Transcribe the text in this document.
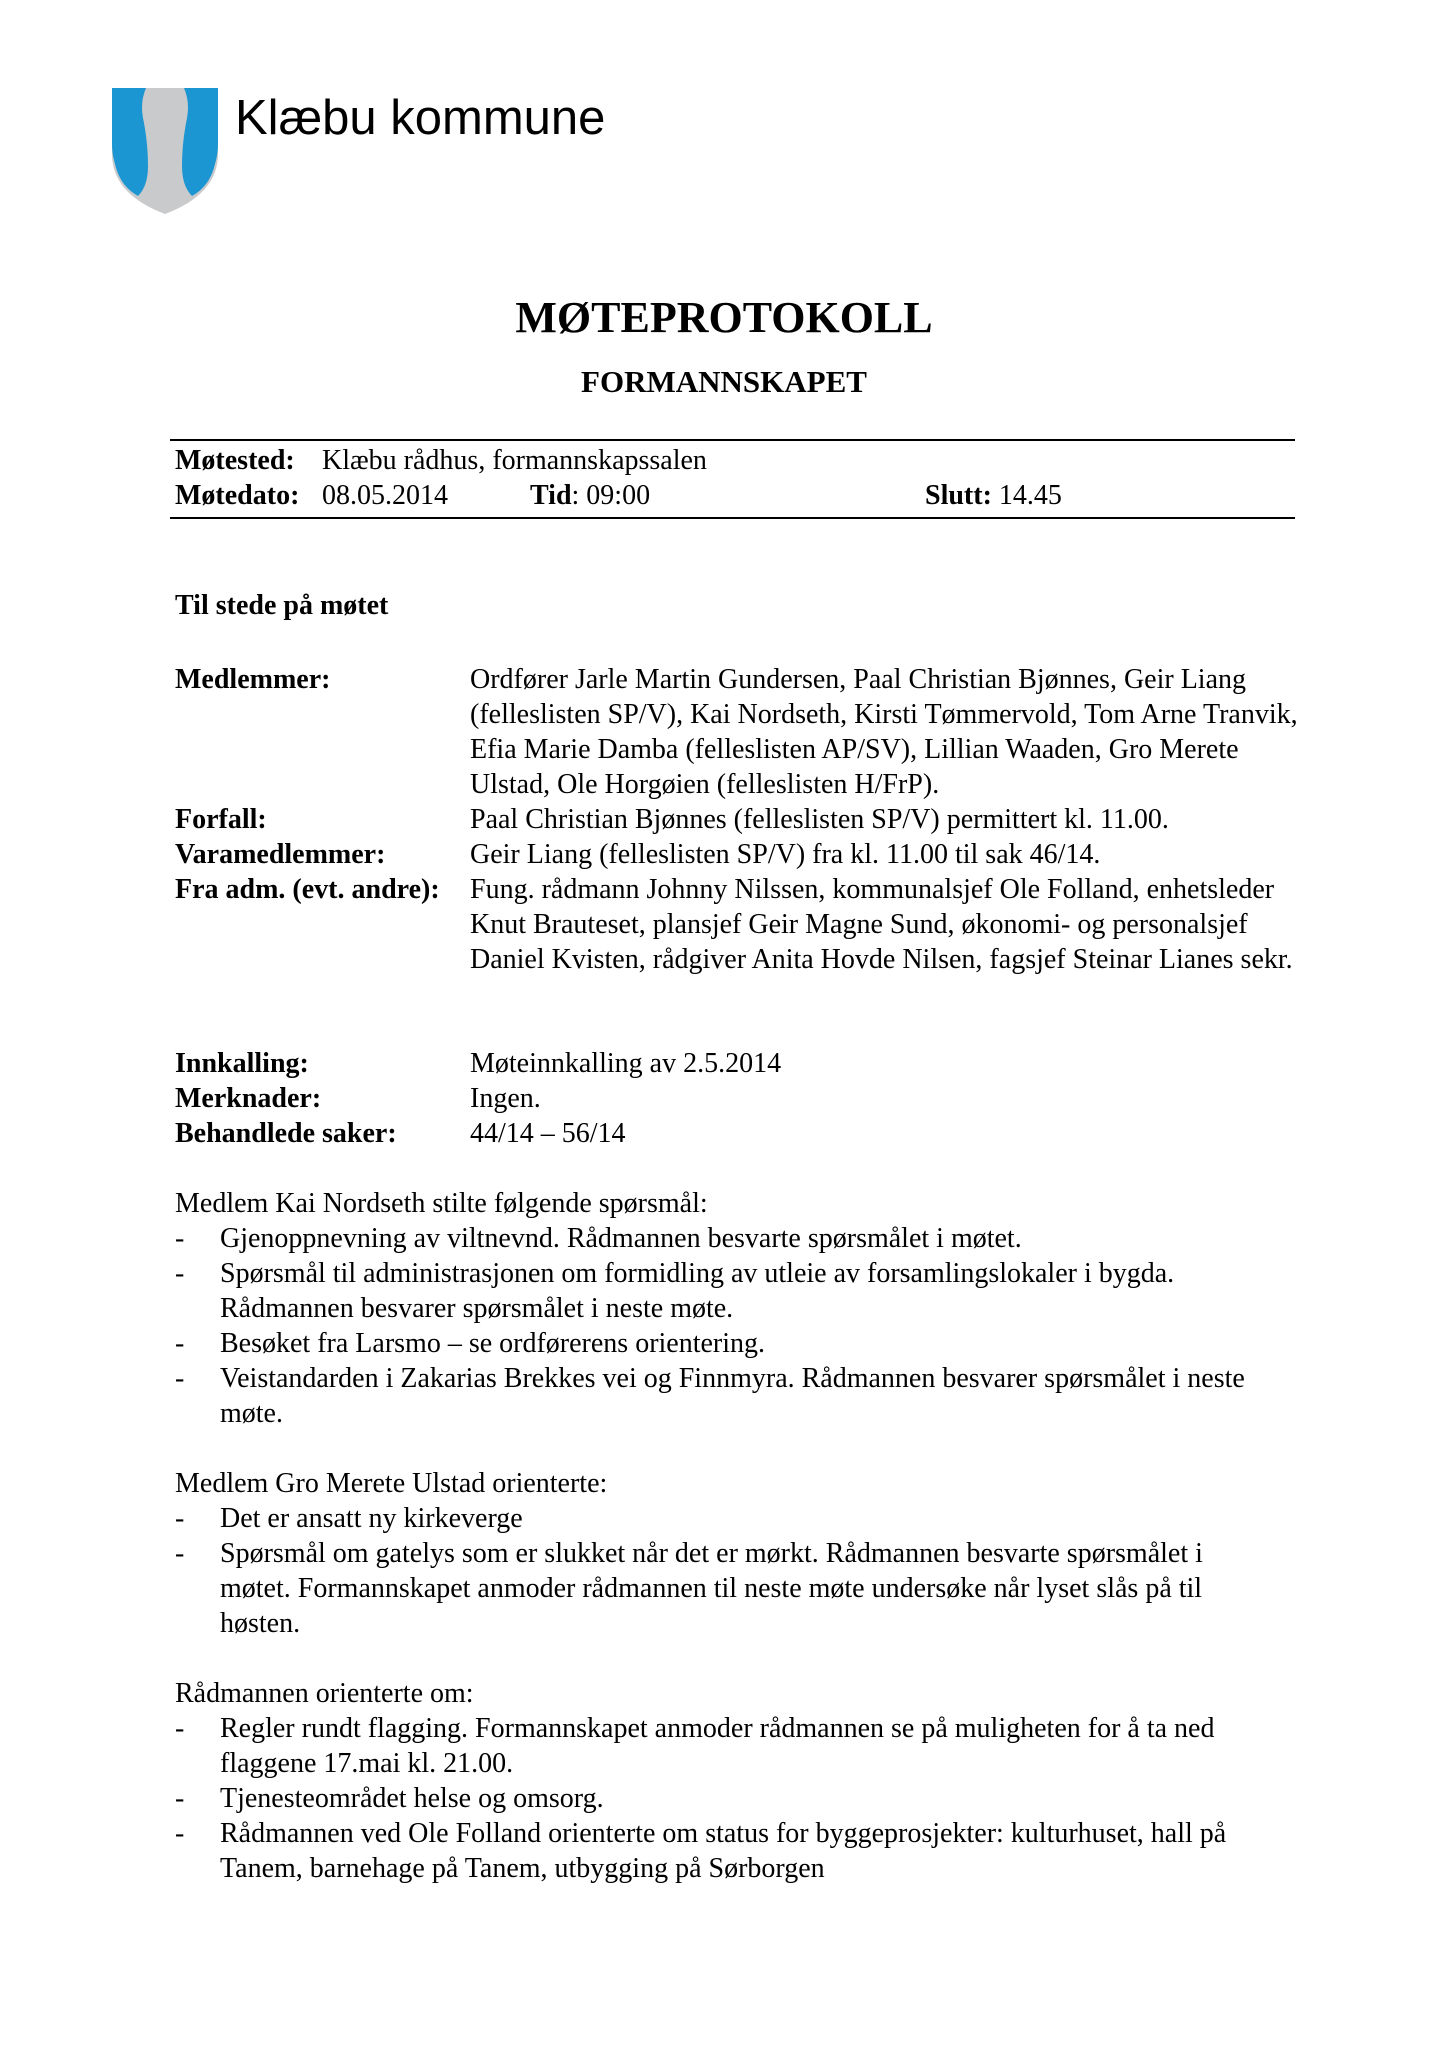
Klæbu kommune
MØTEPROTOKOLL
FORMANNSKAPET
Møtested: Klæbu rådhus, formannskapssalen
Møtedato: 08.05.2014	Tid: 09:00	Slutt: 14.45
Til stede på møtet
Medlemmer:	Ordfører Jarle Martin Gundersen, Paal Christian Bjønnes, Geir Liang (felleslisten SP/V), Kai Nordseth, Kirsti Tømmervold, Tom Arne Tranvik, Efia Marie Damba (felleslisten AP/SV), Lillian Waaden, Gro Merete Ulstad, Ole Horgøien (felleslisten H/FrP).
Forfall:	Paal Christian Bjønnes (felleslisten SP/V) permittert kl. 11.00.
Varamedlemmer:	Geir Liang (felleslisten SP/V) fra kl. 11.00 til sak 46/14.
Fra adm. (evt. andre): Fung. rådmann Johnny Nilssen, kommunalsjef Ole Folland, enhetsleder Knut Brauteset, plansjef Geir Magne Sund, økonomi- og personalsjef Daniel Kvisten, rådgiver Anita Hovde Nilsen, fagsjef Steinar Lianes sekr.
Innkalling:	Møteinnkalling av 2.5.2014
Merknader:	Ingen.
Behandlede saker:	44/14 – 56/14

Medlem Kai Nordseth stilte følgende spørsmål:

- Gjenoppnevning av viltnevnd. Rådmannen besvarte spørsmålet i møtet.
- Spørsmål til administrasjonen om formidling av utleie av forsamlingslokaler i bygda. Rådmannen besvarer spørsmålet i neste møte.
- Besøket fra Larsmo – se ordførerens orientering.
- Veistandarden i Zakarias Brekkes vei og Finnmyra. Rådmannen besvarer spørsmålet i neste møte.

Medlem Gro Merete Ulstad orienterte:

- Det er ansatt ny kirkeverge
- Spørsmål om gatelys som er slukket når det er mørkt. Rådmannen besvarte spørsmålet i møtet. Formannskapet anmoder rådmannen til neste møte undersøke når lyset slås på til høsten.

Rådmannen orienterte om:

- Regler rundt flagging. Formannskapet anmoder rådmannen se på muligheten for å ta ned flaggene 17.mai kl. 21.00.
- Tjenesteområdet helse og omsorg.
- Rådmannen ved Ole Folland orienterte om status for byggeprosjekter: kulturhuset, hall på Tanem, barnehage på Tanem, utbygging på Sørborgen
